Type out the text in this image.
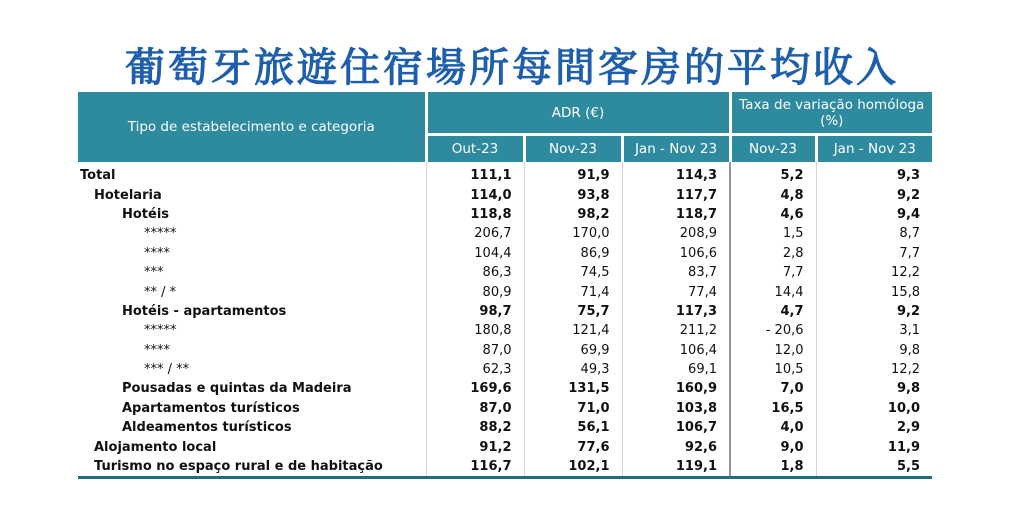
葡萄牙旅遊住宿場所每間客房的平均收入
Tipo de estabelecimento e categoria	ADR (€)			Taxa de variação homóloga (%)	
	Out-23	Nov-23	Jan - Nov 23	Nov-23	Jan - Nov 23
Total	111,1	91,9	114,3	5,2	9,3
Hotelaria	114,0	93,8	117,7	4,8	9,2
Hotéis	118,8	98,2	118,7	4,6	9,4
*****	206,7	170,0	208,9	1,5	8,7
****	104,4	86,9	106,6	2,8	7,7
***	86,3	74,5	83,7	7,7	12,2
** / *	80,9	71,4	77,4	14,4	15,8
Hotéis - apartamentos	98,7	75,7	117,3	4,7	9,2
*****	180,8	121,4	211,2	- 20,6	3,1
****	87,0	69,9	106,4	12,0	9,8
*** / **	62,3	49,3	69,1	10,5	12,2
Pousadas e quintas da Madeira	169,6	131,5	160,9	7,0	9,8
Apartamentos turísticos	87,0	71,0	103,8	16,5	10,0
Aldeamentos turísticos	88,2	56,1	106,7	4,0	2,9
Alojamento local	91,2	77,6	92,6	9,0	11,9
Turismo no espaço rural e de habitação	116,7	102,1	119,1	1,8	5,5
